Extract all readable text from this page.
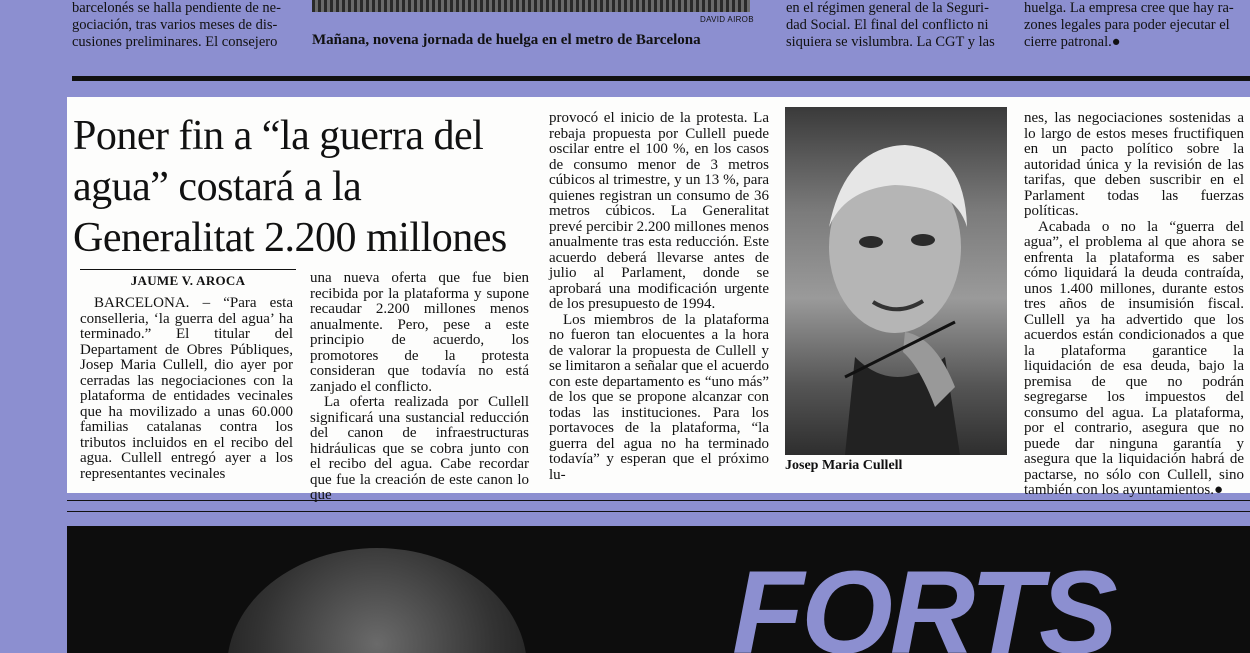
barcelonés se halla pendiente de ne-

gociación, tras varios meses de dis-

cusiones preliminares. El consejero

DAVID AIROB
Mañana, novena jornada de huelga en el metro de Barcelona

en el régimen general de la Seguri-

dad Social. El final del conflicto ni

siquiera se vislumbra. La CGT y las

huelga. La empresa cree que hay ra-

zones legales para poder ejecutar el

cierre patronal.●

Poner fin a “la guerra del agua” costará a la Generalitat 2.200 millones
JAUME V. AROCA

BARCELONA. – “Para esta conselleria, ‘la guerra del agua’ ha terminado.” El titular del Departament de Obres Públiques, Josep Maria Cullell, dio ayer por cerradas las negociaciones con la plataforma de entidades vecinales que ha movilizado a unas 60.000 familias catalanas contra los tributos incluidos en el recibo del agua. Cullell entregó ayer a los representantes vecinales

una nueva oferta que fue bien recibida por la plataforma y supone recaudar 2.200 millones menos anualmente. Pero, pese a este principio de acuerdo, los promotores de la protesta consideran que todavía no está zanjado el conflicto.

La oferta realizada por Cullell significará una sustancial reducción del canon de infraestructuras hidráulicas que se cobra junto con el recibo del agua. Cabe recordar que fue la creación de este canon lo que

provocó el inicio de la protesta. La rebaja propuesta por Cullell puede oscilar entre el 100 %, en los casos de consumo menor de 3 metros cúbicos al trimestre, y un 13 %, para quienes registran un consumo de 36 metros cúbicos. La Generalitat prevé percibir 2.200 millones menos anualmente tras esta reducción. Este acuerdo deberá llevarse antes de julio al Parlament, donde se aprobará una modificación urgente de los presupuesto de 1994.

Los miembros de la plataforma no fueron tan elocuentes a la hora de valorar la propuesta de Cullell y se limitaron a señalar que el acuerdo con este departamento es “uno más” de los que se propone alcanzar con todas las instituciones. Para los portavoces de la plataforma, “la guerra del agua no ha terminado todavía” y esperan que el próximo lu-

Josep Maria Cullell

nes, las negociaciones sostenidas a lo largo de estos meses fructifiquen en un pacto político sobre la autoridad única y la revisión de las tarifas, que deben suscribir en el Parlament todas las fuerzas políticas.

Acabada o no la “guerra del agua”, el problema al que ahora se enfrenta la plataforma es saber cómo liquidará la deuda contraída, unos 1.400 millones, durante estos tres años de insumisión fiscal. Cullell ya ha advertido que los acuerdos están condicionados a que la plataforma garantice la liquidación de esa deuda, bajo la premisa de que no podrán segregarse los impuestos del consumo del agua. La plataforma, por el contrario, asegura que no puede dar ninguna garantía y asegura que la liquidación habrá de pactarse, no sólo con Cullell, sino también con los ayuntamientos.●

FORTS
